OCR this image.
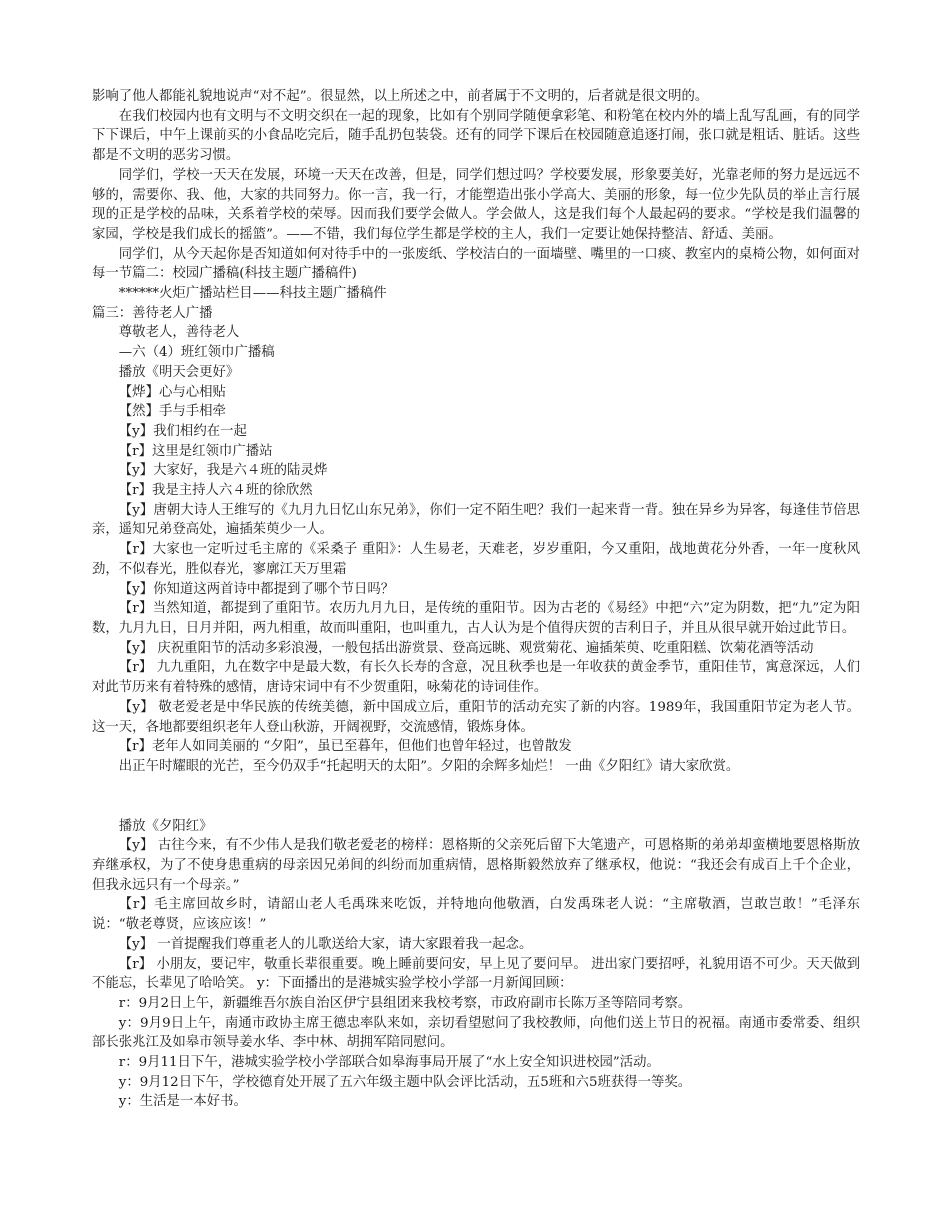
影响了他人都能礼貌地说声“对不起”。很显然，以上所述之中，前者属于不文明的，后者就是很文明的。

在我们校园内也有文明与不文明交织在一起的现象，比如有个别同学随便拿彩笔、和粉笔在校内外的墙上乱写乱画，有的同学下下课后，中午上课前买的小食品吃完后，随手乱扔包装袋。还有的同学下课后在校园随意追逐打闹，张口就是粗话、脏话。这些都是不文明的恶劣习惯。

同学们，学校一天天在发展，环境一天天在改善，但是，同学们想过吗？学校要发展，形象要美好，光靠老师的努力是远远不够的，需要你、我、他，大家的共同努力。你一言，我一行，才能塑造出张小学高大、美丽的形象，每一位少先队员的举止言行展现的正是学校的品味，关系着学校的荣辱。因而我们要学会做人。学会做人，这是我们每个人最起码的要求。“学校是我们温馨的家园，学校是我们成长的摇篮”。——不错，我们每位学生都是学校的主人，我们一定要让她保持整洁、舒适、美丽。

同学们，从今天起你是否知道如何对待手中的一张废纸、学校洁白的一面墙壁、嘴里的一口痰、教室内的桌椅公物，如何面对每一节篇二：校园广播稿(科技主题广播稿件)

******火炬广播站栏目——科技主题广播稿件

篇三：善待老人广播

尊敬老人，善待老人

—六（4）班红领巾广播稿

播放《明天会更好》

【烨】心与心相贴

【然】手与手相牵

【y】我们相约在一起

【r】这里是红领巾广播站

【y】大家好，我是六４班的陆灵烨

【r】我是主持人六４班的徐欣然

【y】唐朝大诗人王维写的《九月九日忆山东兄弟》，你们一定不陌生吧？我们一起来背一背。独在异乡为异客，每逢佳节倍思亲，遥知兄弟登高处，遍插茱萸少一人。

【r】大家也一定听过毛主席的《采桑子 重阳》：人生易老，天难老，岁岁重阳，今又重阳，战地黄花分外香，一年一度秋风劲，不似春光，胜似春光，寥廓江天万里霜

【y】你知道这两首诗中都提到了哪个节日吗？

【r】当然知道，都提到了重阳节。农历九月九日，是传统的重阳节。因为古老的《易经》中把“六”定为阴数，把“九”定为阳数，九月九日，日月并阳，两九相重，故而叫重阳，也叫重九，古人认为是个值得庆贺的吉利日子，并且从很早就开始过此节日。

【y】 庆祝重阳节的活动多彩浪漫，一般包括出游赏景、登高远眺、观赏菊花、遍插茱萸、吃重阳糕、饮菊花酒等活动

【r】 九九重阳，九在数字中是最大数，有长久长寿的含意，况且秋季也是一年收获的黄金季节，重阳佳节，寓意深远，人们对此节历来有着特殊的感情，唐诗宋词中有不少贺重阳，咏菊花的诗词佳作。

【y】 敬老爱老是中华民族的传统美德，新中国成立后，重阳节的活动充实了新的内容。1989年，我国重阳节定为老人节。这一天，各地都要组织老年人登山秋游，开阔视野，交流感情，锻炼身体。

【r】老年人如同美丽的 “夕阳”，虽已至暮年，但他们也曾年轻过，也曾散发

出正午时耀眼的光芒，至今仍双手“托起明天的太阳”。夕阳的余辉多灿烂！ 一曲《夕阳红》请大家欣赏。

播放《夕阳红》

【y】 古往今来，有不少伟人是我们敬老爱老的榜样：恩格斯的父亲死后留下大笔遗产，可恩格斯的弟弟却蛮横地要恩格斯放弃继承权，为了不使身患重病的母亲因兄弟间的纠纷而加重病情，恩格斯毅然放弃了继承权，他说：“我还会有成百上千个企业，但我永远只有一个母亲。”

【r】毛主席回故乡时，请韶山老人毛禹珠来吃饭，并特地向他敬酒，白发禹珠老人说：“主席敬酒，岂敢岂敢！”毛泽东说：“敬老尊贤，应该应该！”

【y】 一首提醒我们尊重老人的儿歌送给大家，请大家跟着我一起念。

【r】 小朋友，要记牢，敬重长辈很重要。晚上睡前要问安，早上见了要问早。 进出家门要招呼，礼貌用语不可少。天天做到不能忘，长辈见了哈哈笑。 y：下面播出的是港城实验学校小学部一月新闻回顾：

r：9月2日上午，新疆维吾尔族自治区伊宁县组团来我校考察，市政府副市长陈万圣等陪同考察。

y：9月9日上午，南通市政协主席王德忠率队来如，亲切看望慰问了我校教师，向他们送上节日的祝福。南通市委常委、组织部长张兆江及如皋市领导姜水华、李中林、胡拥军陪同慰问。

r：9月11日下午，港城实验学校小学部联合如皋海事局开展了“水上安全知识进校园”活动。

y：9月12日下午，学校德育处开展了五六年级主题中队会评比活动，五5班和六5班获得一等奖。

y：生活是一本好书。
